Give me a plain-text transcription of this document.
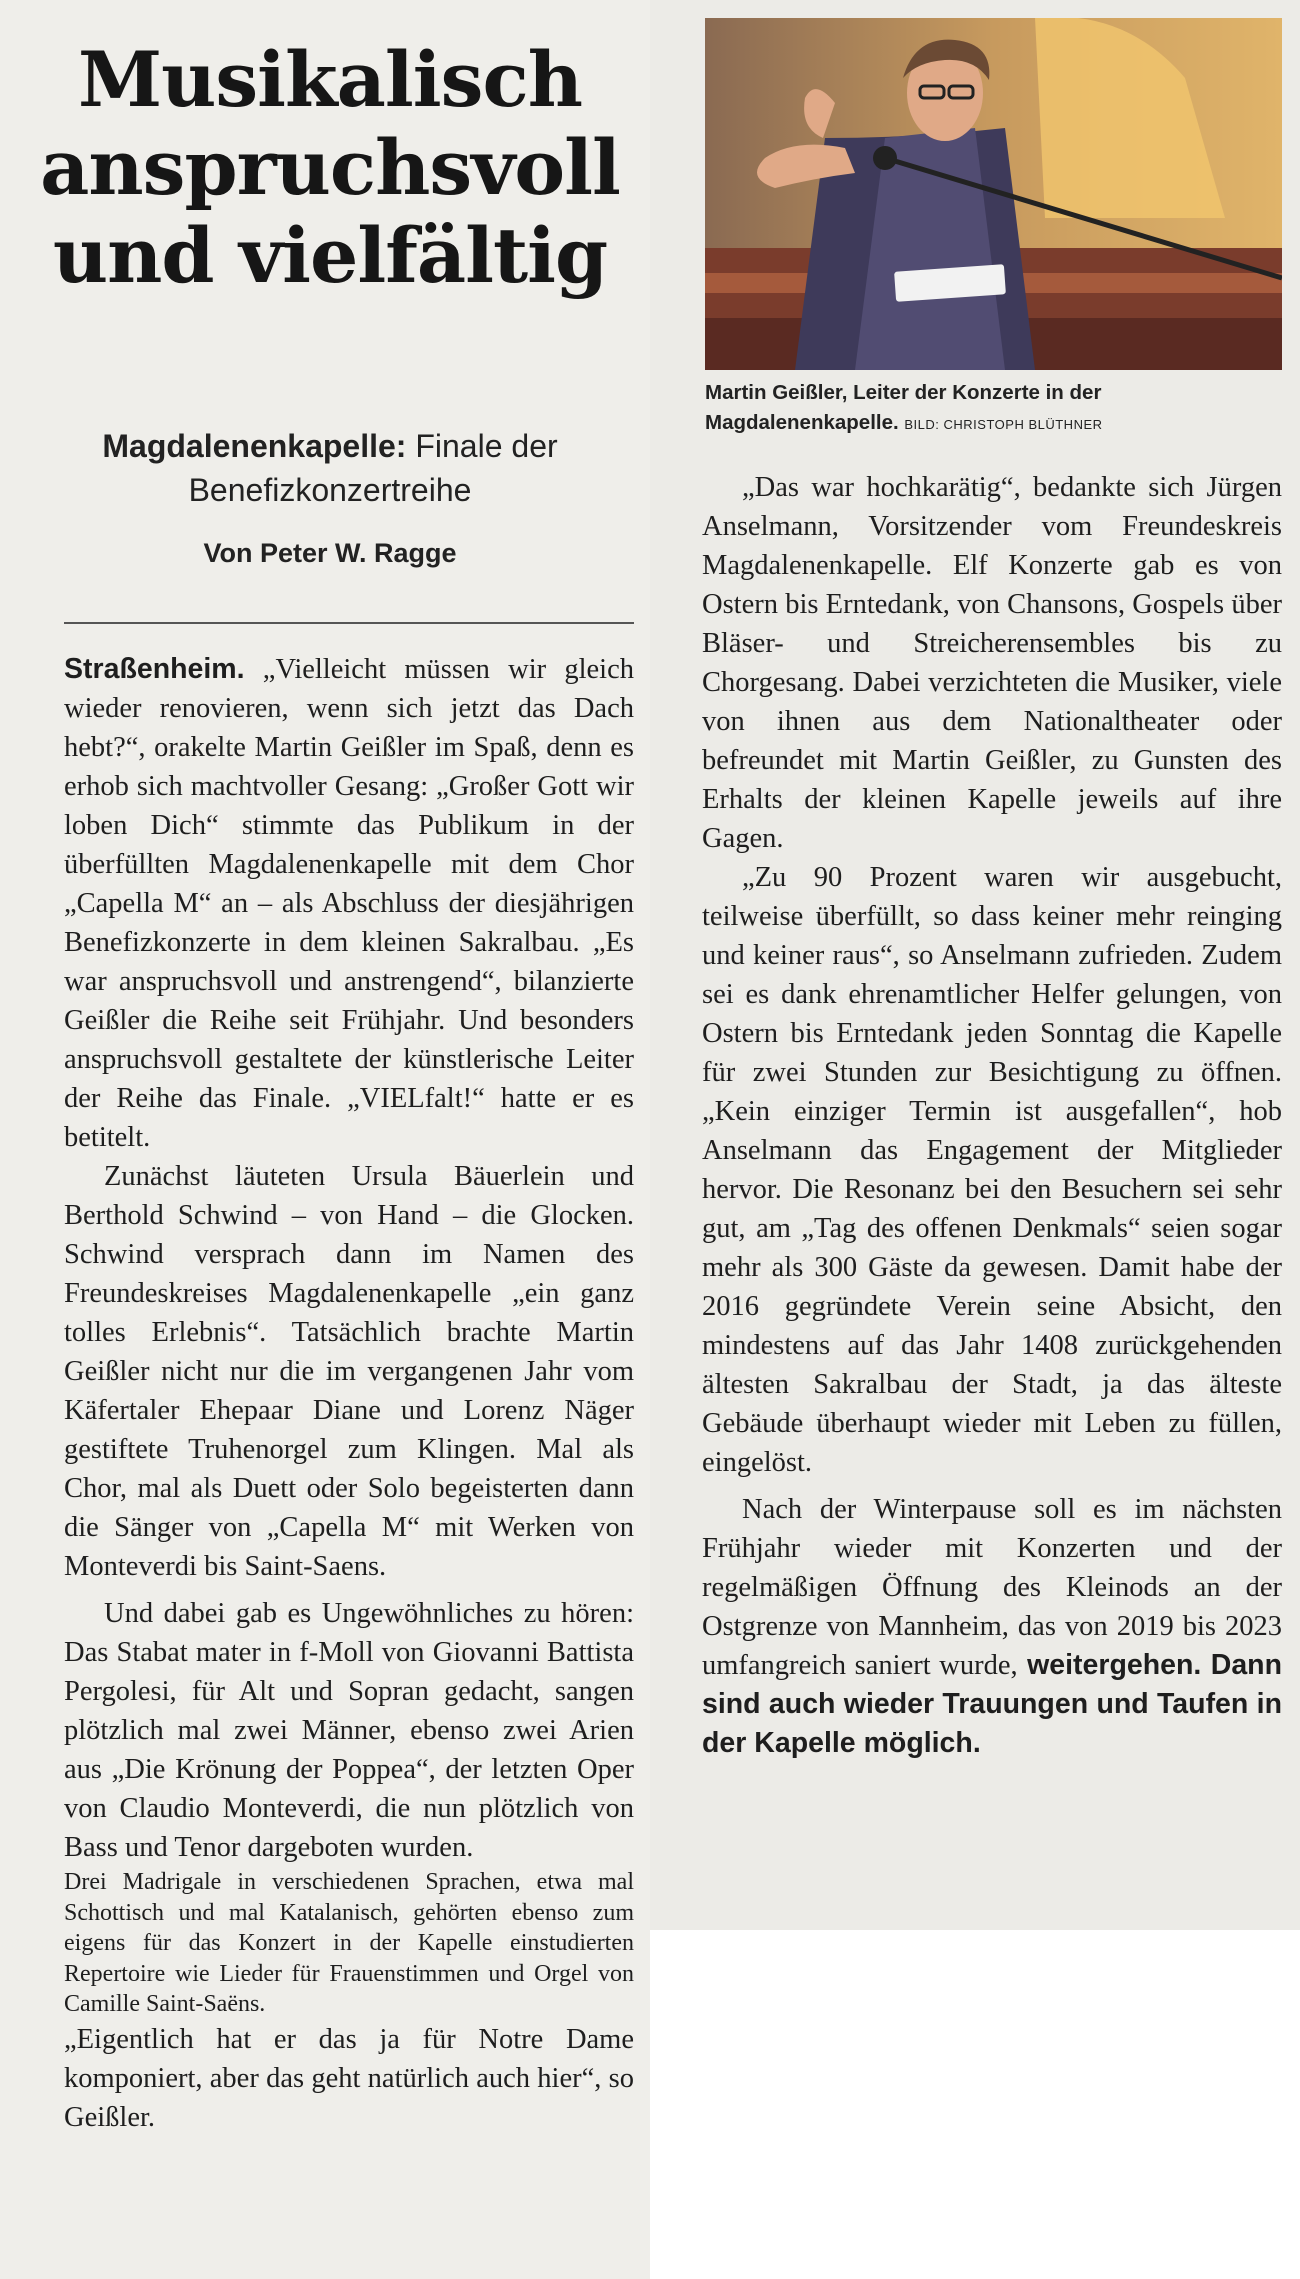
Musikalisch
anspruchsvoll
und vielfältig
Magdalenenkapelle: Finale der Benefizkonzertreihe
Von Peter W. Ragge

Straßenheim. „Vielleicht müssen wir gleich wieder renovieren, wenn sich jetzt das Dach hebt?“, orakelte Martin Geißler im Spaß, denn es erhob sich machtvoller Gesang: „Großer Gott wir loben Dich“ stimmte das Publikum in der überfüllten Magdalenenkapelle mit dem Chor „Capella M“ an – als Abschluss der diesjährigen Benefizkonzerte in dem kleinen Sakralbau. „Es war anspruchsvoll und anstrengend“, bilanzierte Geißler die Reihe seit Frühjahr. Und besonders anspruchsvoll gestaltete der künstlerische Leiter der Reihe das Finale. „VIELfalt!“ hatte er es betitelt.

Zunächst läuteten Ursula Bäuerlein und Berthold Schwind – von Hand – die Glocken. Schwind versprach dann im Namen des Freundeskreises Magdalenenkapelle „ein ganz tolles Erlebnis“. Tatsächlich brachte Martin Geißler nicht nur die im vergangenen Jahr vom Käfertaler Ehepaar Diane und Lorenz Näger gestiftete Truhenorgel zum Klingen. Mal als Chor, mal als Duett oder Solo begeisterten dann die Sänger von „Capella M“ mit Werken von Monteverdi bis Saint-Saens.

Und dabei gab es Ungewöhnliches zu hören: Das Stabat mater in f-Moll von Giovanni Battista Pergolesi, für Alt und Sopran gedacht, sangen plötzlich mal zwei Männer, ebenso zwei Arien aus „Die Krönung der Poppea“, der letzten Oper von Claudio Monteverdi, die nun plötzlich von Bass und Tenor dargeboten wurden.

Drei Madrigale in verschiedenen Sprachen, etwa mal Schottisch und mal Katalanisch, gehörten ebenso zum eigens für das Konzert in der Kapelle einstudierten Repertoire wie Lieder für Frauenstimmen und Orgel von Camille Saint-Saëns.

„Eigentlich hat er das ja für Notre Dame komponiert, aber das geht natürlich auch hier“, so Geißler.

Martin Geißler, Leiter der Konzerte in der Magdalenenkapelle. BILD: CHRISTOPH BLÜTHNER

„Das war hochkarätig“, bedankte sich Jürgen Anselmann, Vorsitzender vom Freundeskreis Magdalenenkapelle. Elf Konzerte gab es von Ostern bis Erntedank, von Chansons, Gospels über Bläser- und Streicherensembles bis zu Chorgesang. Dabei verzichteten die Musiker, viele von ihnen aus dem Nationaltheater oder befreundet mit Martin Geißler, zu Gunsten des Erhalts der kleinen Kapelle jeweils auf ihre Gagen.

„Zu 90 Prozent waren wir ausgebucht, teilweise überfüllt, so dass keiner mehr reinging und keiner raus“, so Anselmann zufrieden. Zudem sei es dank ehrenamtlicher Helfer gelungen, von Ostern bis Erntedank jeden Sonntag die Kapelle für zwei Stunden zur Besichtigung zu öffnen. „Kein einziger Termin ist ausgefallen“, hob Anselmann das Engagement der Mitglieder hervor. Die Resonanz bei den Besuchern sei sehr gut, am „Tag des offenen Denkmals“ seien sogar mehr als 300 Gäste da gewesen. Damit habe der 2016 gegründete Verein seine Absicht, den mindestens auf das Jahr 1408 zurückgehenden ältesten Sakralbau der Stadt, ja das älteste Gebäude überhaupt wieder mit Leben zu füllen, eingelöst.

Nach der Winterpause soll es im nächsten Frühjahr wieder mit Konzerten und der regelmäßigen Öffnung des Kleinods an der Ostgrenze von Mannheim, das von 2019 bis 2023 umfangreich saniert wurde, weitergehen. Dann sind auch wieder Trauungen und Taufen in der Kapelle möglich.
